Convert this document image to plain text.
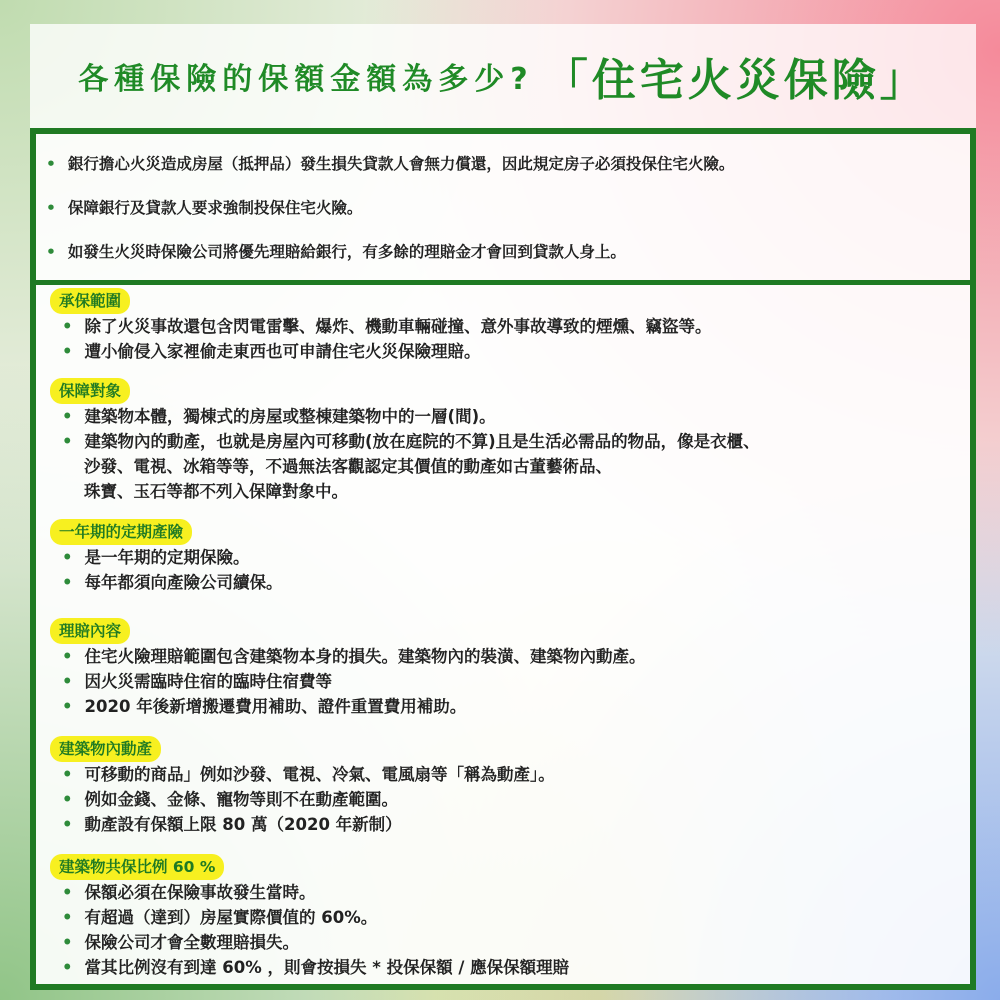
各種保險的保額金額為多少? 「住宅火災保險」
• 銀行擔心火災造成房屋（抵押品）發生損失貸款人會無力償還，因此規定房子必須投保住宅火險。
• 保障銀行及貸款人要求強制投保住宅火險。
• 如發生火災時保險公司將優先理賠給銀行，有多餘的理賠金才會回到貸款人身上。
承保範圍
• 除了火災事故還包含閃電雷擊、爆炸、機動車輛碰撞、意外事故導致的煙燻、竊盜等。
• 遭小偷侵入家裡偷走東西也可申請住宅火災保險理賠。
保障對象
• 建築物本體，獨棟式的房屋或整棟建築物中的一層(間)。
• 建築物內的動產，也就是房屋內可移動(放在庭院的不算)且是生活必需品的物品，像是衣櫃、
沙發、電視、冰箱等等，不過無法客觀認定其價值的動產如古董藝術品、
珠寶、玉石等都不列入保障對象中。
一年期的定期產險
• 是一年期的定期保險。
• 每年都須向產險公司續保。
理賠內容
• 住宅火險理賠範圍包含建築物本身的損失。建築物內的裝潢、建築物內動產。
• 因火災需臨時住宿的臨時住宿費等
• 2020 年後新增搬遷費用補助、證件重置費用補助。
建築物內動產
• 可移動的商品」例如沙發、電視、冷氣、電風扇等「稱為動產」。
• 例如金錢、金條、寵物等則不在動產範圍。
• 動產設有保額上限 80 萬（2020 年新制）
建築物共保比例 60 %
• 保額必須在保險事故發生當時。
• 有超過（達到）房屋實際價值的 60%。
• 保險公司才會全數理賠損失。
• 當其比例沒有到達 60% ，則會按損失 * 投保保額 / 應保保額理賠
